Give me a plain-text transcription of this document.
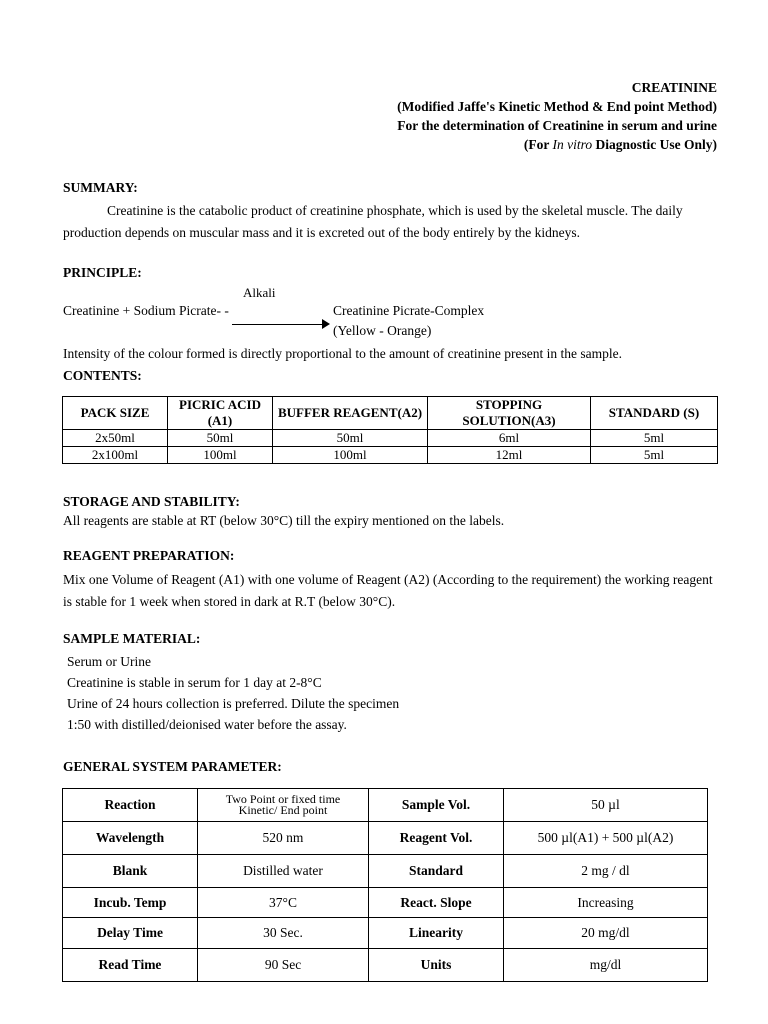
CREATININE
(Modified Jaffe's Kinetic Method & End point Method)
For the determination of Creatinine in serum and urine
(For In vitro Diagnostic Use Only)
SUMMARY:
Creatinine is the catabolic product of creatinine phosphate, which is used by the skeletal muscle. The daily production depends on muscular mass and it is excreted out of the body entirely by the kidneys.
PRINCIPLE:
Alkali
Creatinine + Sodium Picrate- -	Creatinine Picrate-Complex
(Yellow - Orange)
Intensity of the colour formed is directly proportional to the amount of creatinine present in the sample.
CONTENTS:
PACK SIZE	PICRIC ACID (A1)	BUFFER REAGENT(A2)	STOPPING SOLUTION(A3)	STANDARD (S)
2x50ml	50ml	50ml	6ml	5ml
2x100ml	100ml	100ml	12ml	5ml
STORAGE AND STABILITY:
All reagents are stable at RT (below 30°C) till the expiry mentioned on the labels.
REAGENT PREPARATION:
Mix one Volume of Reagent (A1) with one volume of Reagent (A2) (According to the requirement) the working reagent is stable for 1 week when stored in dark at R.T (below 30°C).
SAMPLE MATERIAL:
Serum or Urine
Creatinine is stable in serum for 1 day at 2-8°C
Urine of 24 hours collection is preferred. Dilute the specimen
1:50 with distilled/deionised water before the assay.
GENERAL SYSTEM PARAMETER:
Reaction	Two Point or fixed time Kinetic/ End point	Sample Vol.	50 µl
Wavelength	520 nm	Reagent Vol.	500 µl(A1) + 500 µl(A2)
Blank	Distilled water	Standard	2 mg / dl
Incub. Temp	37°C	React. Slope	Increasing
Delay Time	30 Sec.	Linearity	20 mg/dl
Read Time	90 Sec	Units	mg/dl
